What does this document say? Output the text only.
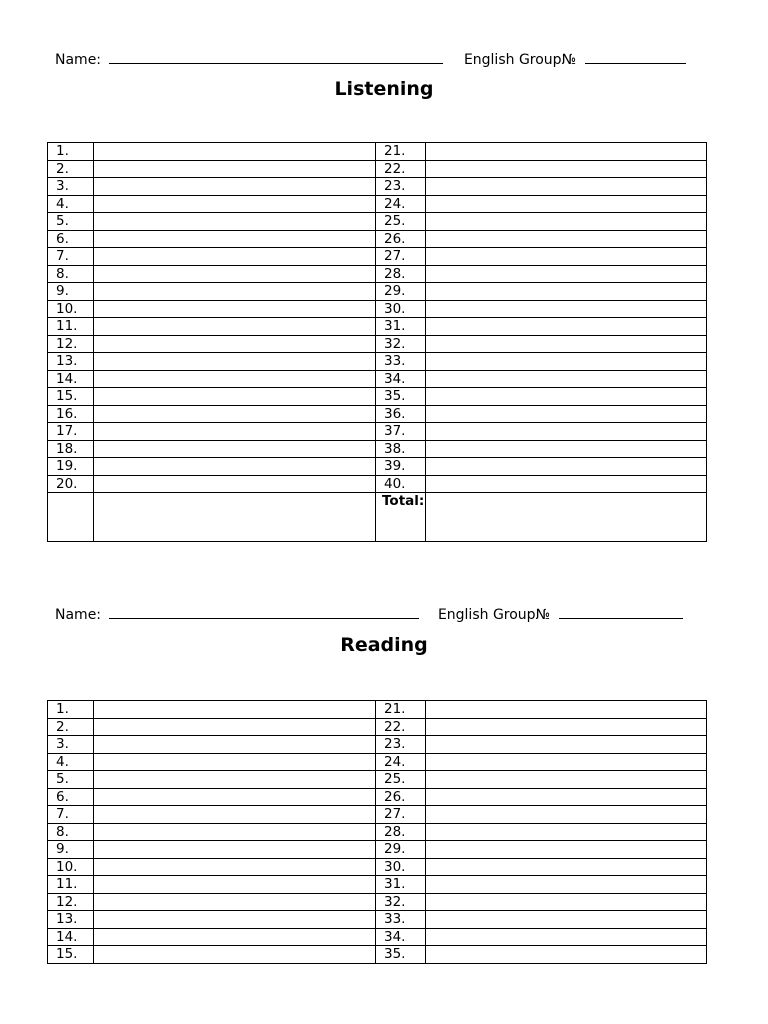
Name:	English Group№
Listening
1.		21.	
2.		22.	
3.		23.	
4.		24.	
5.		25.	
6.		26.	
7.		27.	
8.		28.	
9.		29.	
10.		30.	
11.		31.	
12.		32.	
13.		33.	
14.		34.	
15.		35.	
16.		36.	
17.		37.	
18.		38.	
19.		39.	
20.		40.	
		Total:	
Name:	English Group№
Reading
1.		21.	
2.		22.	
3.		23.	
4.		24.	
5.		25.	
6.		26.	
7.		27.	
8.		28.	
9.		29.	
10.		30.	
11.		31.	
12.		32.	
13.		33.	
14.		34.	
15.		35.	
